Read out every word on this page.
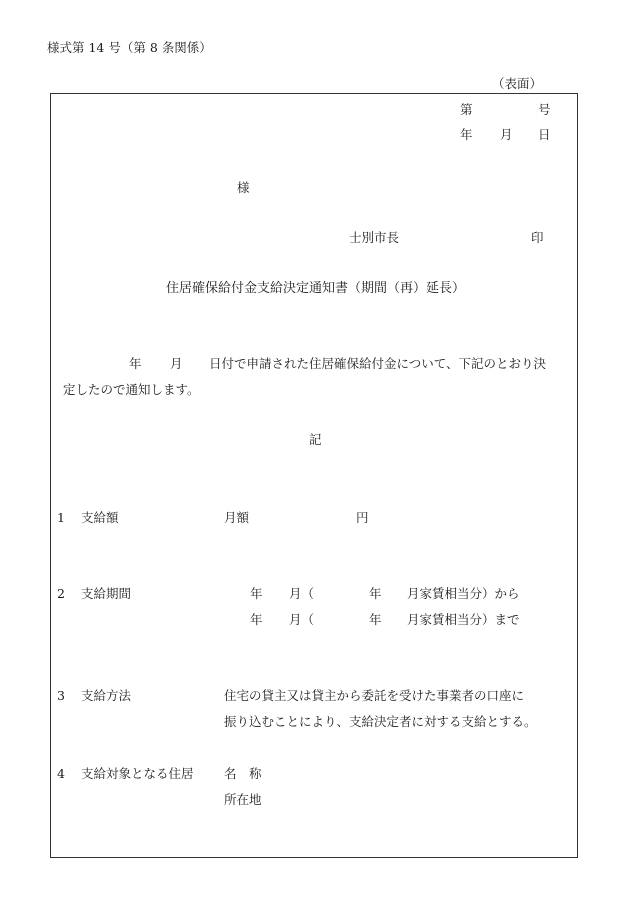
様式第 14 号（第 8 条関係）
（表面）
第	号
年 月 日
様
士別市長	印
住居確保給付金支給決定通知書（期間（再）延長）
年 月 日付で申請された住居確保給付金について、下記のとおり決
定したので通知します。
記
1 支給額	月額	円
2 支給期間	年 月（	年 月家賃相当分）から
年 月（	年 月家賃相当分）まで
3 支給方法	住宅の貸主又は貸主から委託を受けた事業者の口座に
振り込むことにより、支給決定者に対する支給とする。
4 支給対象となる住居 名　称
所在地
